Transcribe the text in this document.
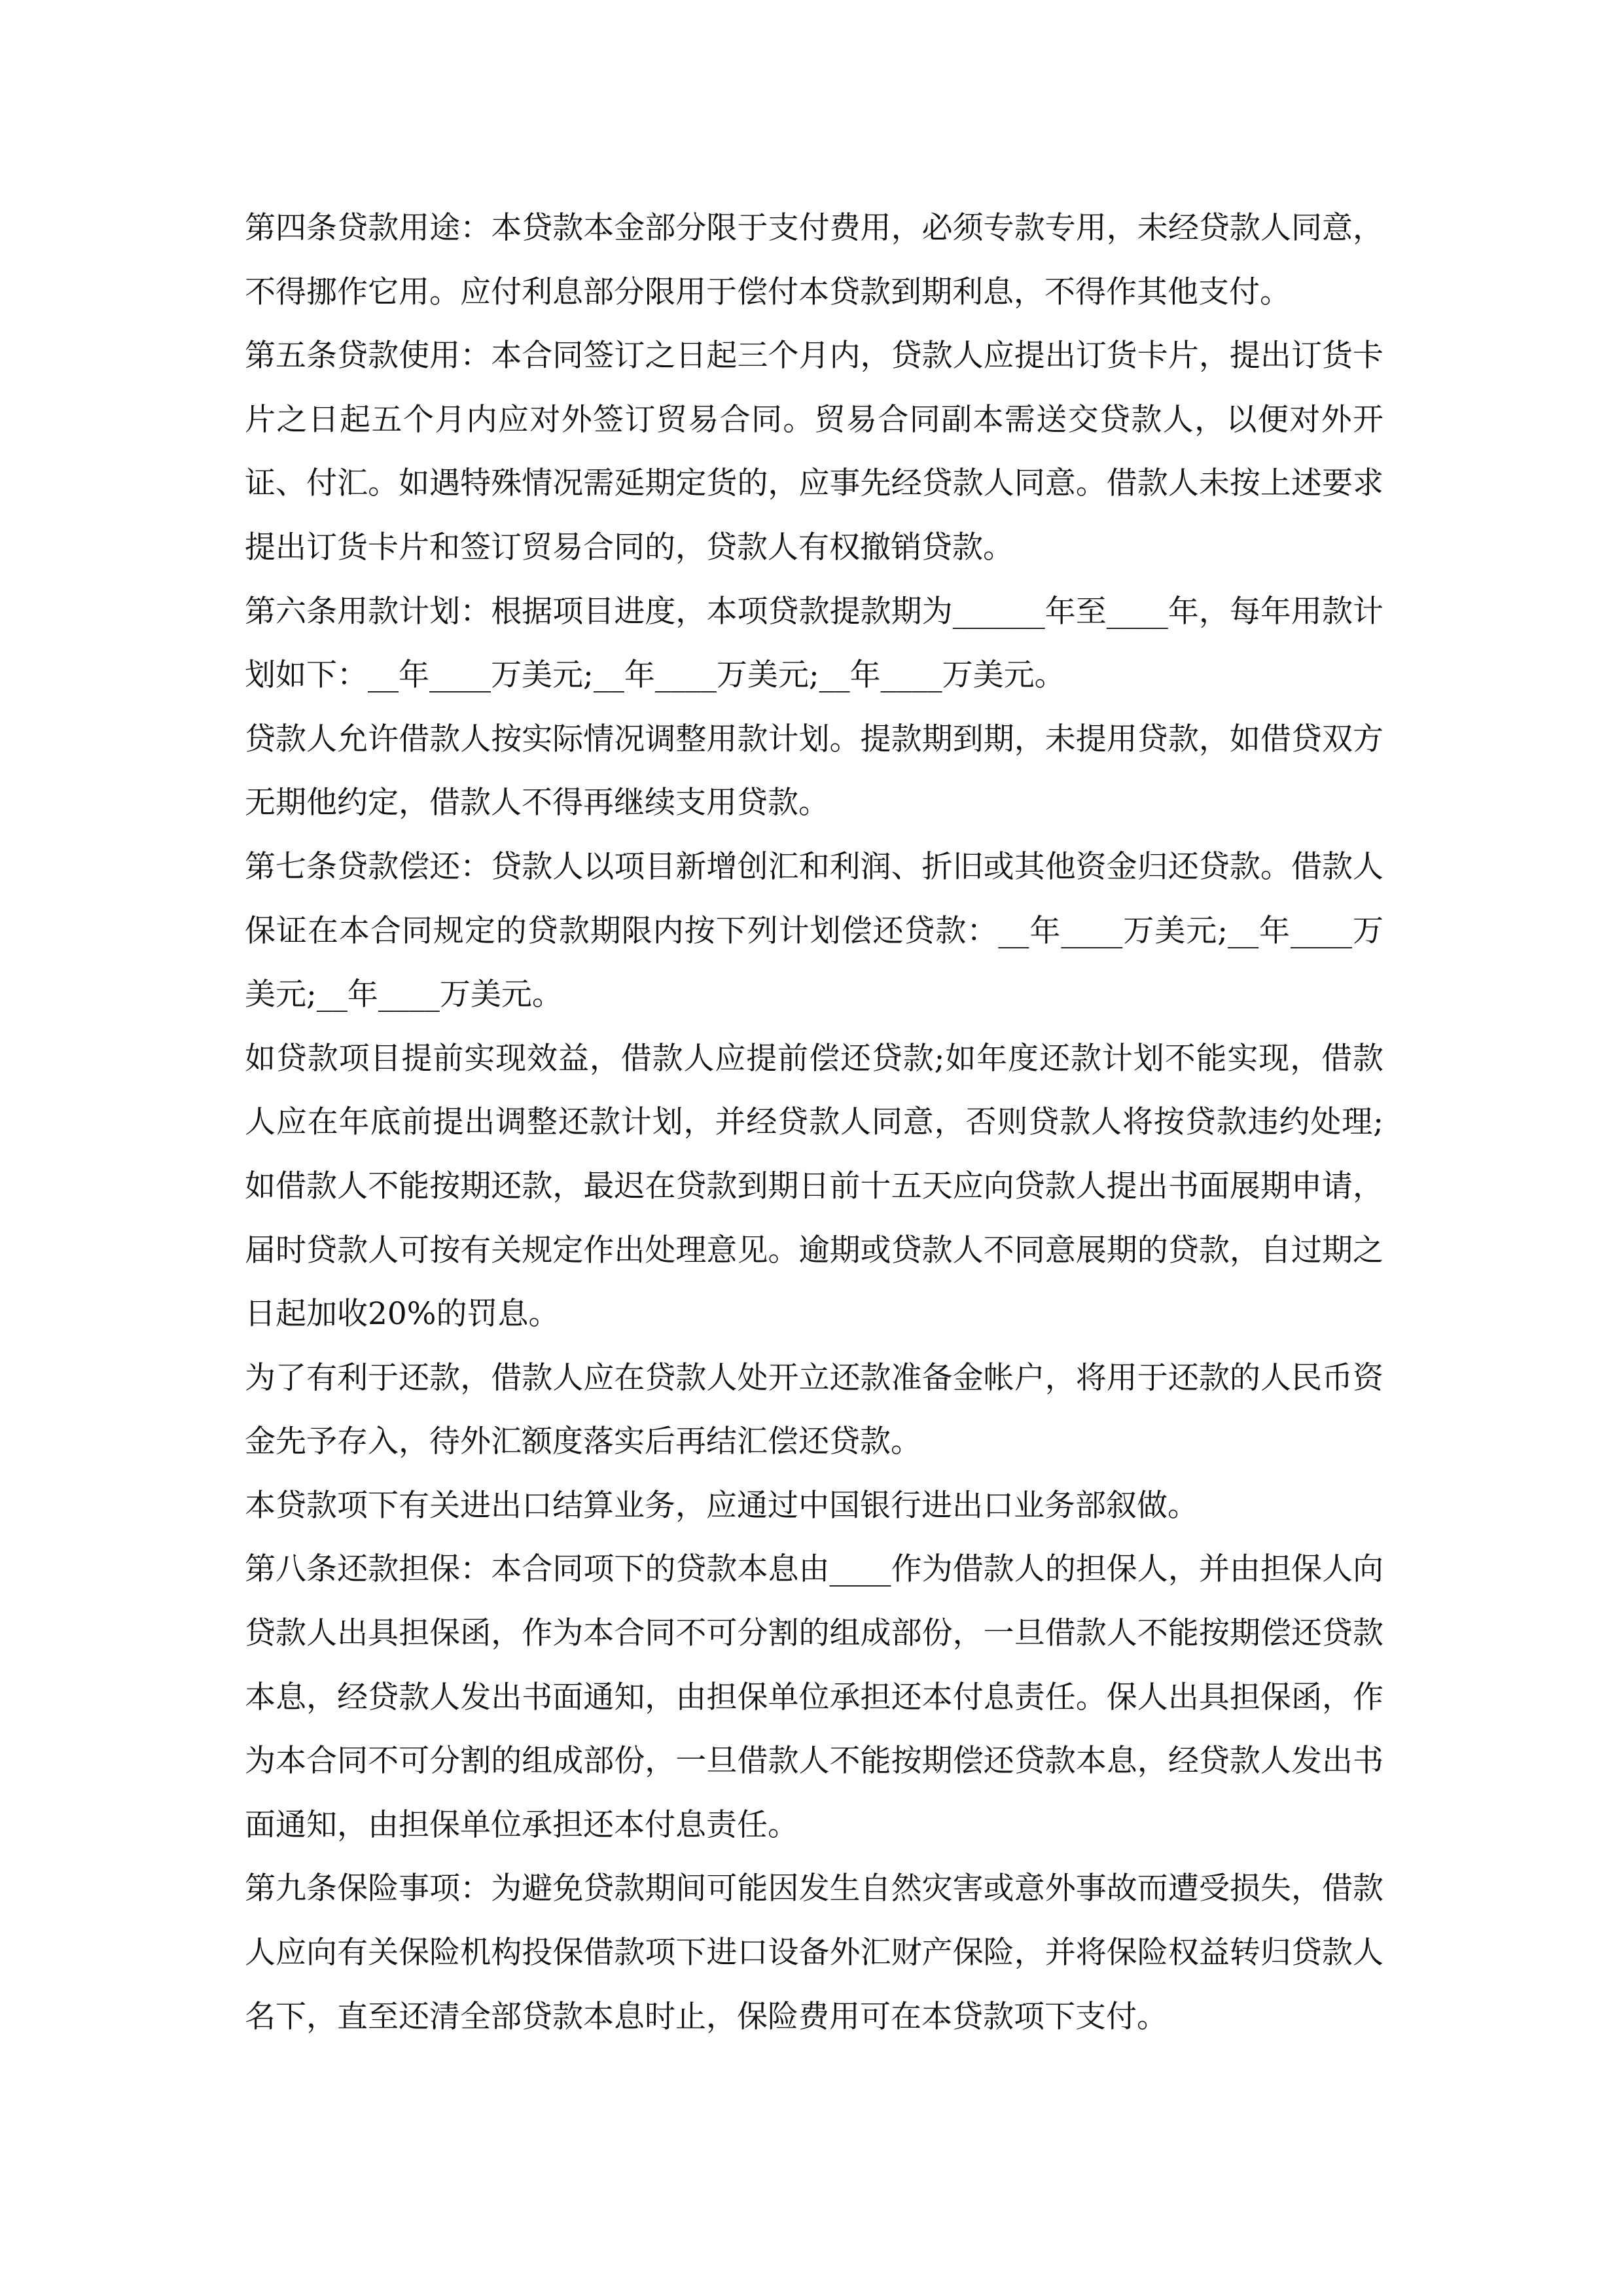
第四条贷款用途：本贷款本金部分限于支付费用，必须专款专用，未经贷款人同意，不得挪作它用。应付利息部分限用于偿付本贷款到期利息，不得作其他支付。

第五条贷款使用：本合同签订之日起三个月内，贷款人应提出订货卡片，提出订货卡片之日起五个月内应对外签订贸易合同。贸易合同副本需送交贷款人，以便对外开证、付汇。如遇特殊情况需延期定货的，应事先经贷款人同意。借款人未按上述要求提出订货卡片和签订贸易合同的，贷款人有权撤销贷款。

第六条用款计划：根据项目进度，本项贷款提款期为______年至____年，每年用款计划如下：__年____万美元;__年____万美元;__年____万美元。

贷款人允许借款人按实际情况调整用款计划。提款期到期，未提用贷款，如借贷双方无期他约定，借款人不得再继续支用贷款。

第七条贷款偿还：贷款人以项目新增创汇和利润、折旧或其他资金归还贷款。借款人保证在本合同规定的贷款期限内按下列计划偿还贷款：__年____万美元;__年____万美元;__年____万美元。

如贷款项目提前实现效益，借款人应提前偿还贷款;如年度还款计划不能实现，借款人应在年底前提出调整还款计划，并经贷款人同意，否则贷款人将按贷款违约处理;如借款人不能按期还款，最迟在贷款到期日前十五天应向贷款人提出书面展期申请，届时贷款人可按有关规定作出处理意见。逾期或贷款人不同意展期的贷款，自过期之日起加收20%的罚息。

为了有利于还款，借款人应在贷款人处开立还款准备金帐户，将用于还款的人民币资金先予存入，待外汇额度落实后再结汇偿还贷款。

本贷款项下有关进出口结算业务，应通过中国银行进出口业务部叙做。

第八条还款担保：本合同项下的贷款本息由____作为借款人的担保人，并由担保人向贷款人出具担保函，作为本合同不可分割的组成部份，一旦借款人不能按期偿还贷款本息，经贷款人发出书面通知，由担保单位承担还本付息责任。保人出具担保函，作为本合同不可分割的组成部份，一旦借款人不能按期偿还贷款本息，经贷款人发出书面通知，由担保单位承担还本付息责任。

第九条保险事项：为避免贷款期间可能因发生自然灾害或意外事故而遭受损失，借款人应向有关保险机构投保借款项下进口设备外汇财产保险，并将保险权益转归贷款人名下，直至还清全部贷款本息时止，保险费用可在本贷款项下支付。
